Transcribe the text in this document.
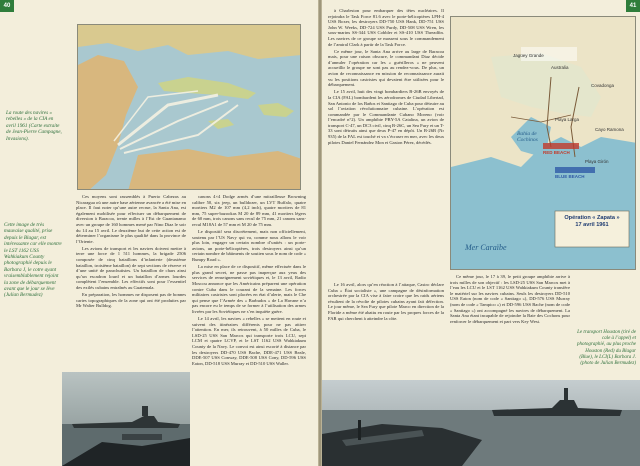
40
La route des navires « rebelles » de la CIA en avril 1961 (Carte extraite de Jean-Pierre Campagne, Invasions).
Cette image de très mauvaise qualité, prise depuis le Blagar, est intéressante car elle montre le LST 1162 USS Wahkiakum County photographié depuis le Barbara J, le cotre ayant vraisemblablement rejoint la zone de débarquement avant que le jour se lève (Julian Bermudez)

Ces moyens sont rassemblés à Puerto Cabezas au Nicaragua où une autre base aérienne avancée a été mise en place. Il faut noter qu’une autre recrue, la Santa Ana, est également mobilisée pour effectuer un débarquement de diversion à Baracoa, trente milles à l’Est de Guantanamo avec un groupe de 160 hommes mené par Nino Diaz le soir du 14 au 15 avril. Le deuxième but de cette action est de déterminer l’organisme le plus qualifié dans la province de l’Oriente.

Les avions de transport et les navires doivent mettre à terre une force de 1 511 hommes, la brigade 2506 composée de cinq bataillons d’infanterie (deuxième bataillon, troisième bataillon) de sept sections de réserve et d’une unité de parachutistes. Un bataillon de chars ainsi qu’un escadron lourd et un bataillon d’armes lourdes complètent l’ensemble. Les effectifs sont pour l’essentiel des exilés cubains entraînés au Guatemala.

En préparation, les hommes ne disposent pas de bonnes cartes topographiques de la zone qui ont été produites par Mr Walter Bulldog.

canons 4×4 Dodge armés d’une mitrailleuse Browning calibre 50, six jeep, un bulldozer, un LVT Buffalo, quatre mortiers M2 de 107 mm (4,2 inch), quatre mortiers de 81 mm, 75 super-bazookas M 20 de 89 mm, 41 mortiers légers de 60 mm, trois canons sans recul de 75 mm, 21 canons sans-recul M18A1 de 57 mm et M 20 de 75 mm.

Le dispositif sera discrètement, mais non officiellement, soutenu par l’US Navy qui va, comme nous allons le voir plus loin, engager un certain nombre d’unités : un porte-avions, un porte-hélicoptères, trois destroyers ainsi qu’un certain nombre de bâtiments de soutien sous le nom de code « Bumpy Road ».

La mise en place de ce dispositif, même effectuée dans le plus grand secret, ne passe pas inaperçue aux yeux des services de renseignement soviétiques et, le 13 avril, Radio Moscou annonce que les Américains préparent une opération contre Cuba dans le courant de la semaine. Les forces militaires castristes sont placées en état d’alerte, mais le Che qui pense que l’Armée des « Barbudos » de La Havane n’a pas encore eu le temps de se former à l’utilisation des armes livrées par les Soviétiques ne s’en inquiète guère.

Le 14 avril, les navires « rebelles » se mettent en route et suivent des itinéraires différents pour ne pas attirer l’attention. En mer, ils retrouvent, à 50 milles de Cuba, le LSD-25 USS San Marcos qui transporte trois LCU, sept LCM et quatre LCVP, et le LST 1162 USS Wahkiakum County de la Navy. Le convoi est ainsi escorté à distance par les destroyers DD-470 USS Bache, DDE-471 USS Beale, DDE-507 USS Conway, DDE-508 USS Cony, DD-596 USS Eaton, DD-518 USS Murray et DD-510 USS Waller.

41

à Charleston pour embarquer des têtes nucléaires. Il rejoindra le Task Force 81.6 avec le porte-hélicoptères LPH-4 USS Boxer, les destroyers DD-750 USS Hank, DD-751 USS John W. Weeks, DD-724 USS Purdy, DD-508 USS Wren, les sous-marins SS-344 USS Cobbler et SS-410 USS Threadfin. Les navires de ce groupe se massent sous le commandement de l’amiral Clark à partir de la Task Force.

Ce même jour, le Santa Ana arrive au large de Baracoa mais, pour une raison obscure, le commandant Diaz décide d’annuler l’opération car les « guérilleros » ne peuvent accueillir le groupe ne sont pas au rendez-vous. De plus, un avion de reconnaissance en mission de reconnaissance aurait vu les positions castristes qui devaient être utilisées pour le débarquement.

Le 15 avril, huit des vingt bombardiers B-26B envoyés de la CIA (FAL) bombardent les aérodromes de Ciudad Libertad, San Antonio de los Baños et Santiago de Cuba pour détruire au sol l’aviation révolutionnaire cubaine. L’opération est commandée par le Commandante Cubano Moreno (voir l’encadré n°2). Un amphibie PBY-5A Catalina, un avion de transport C-47, un DC3 civil, cinq B-26C, un Sea Fury et un T-33 sont détruits ainsi que deux P-47 en dépôt. Un B-26B (Nr 935) de la FAL est touché et va s’écraser en mer, avec les deux pilotes Daniel Fernández Mon et Gaston Pérez, décédés.

Opération « Zapata »
17 avril 1961
Mer Caraïbe
Bahia de Cochinos
RED BEACH
BLUE BEACH
Australia
Covadonga
Jagüey Grande
Playa Larga
Playa Girón
Cayo Ramona

Le 16 avril, alors qu’en réaction à l’attaque, Castro déclare Cuba « État socialiste », une campagne de désinformation orchestrée par la CIA vise à faire croire que les raids aériens résultent de la révolte de pilotes cubains ayant fait défection. Le jour même, le Sea Fury que pilote Marco en direction de la Floride a même été abattu en route par les propres forces de la FAR qui cherchent à atteindre la côte.

Ce même jour, le 17 à 39, le petit groupe amphibie arrive à trois milles de son objectif : les LSD-25 USS San Marcos met à l’eau les LCU et le LST 1162 USS Wahkiakum County transfère le matériel sur les navires cubains. Seuls les destroyers DD-510 USS Eaton (nom de code « Santiago »), DD-576 USS Murray (nom de code « Tampico ») et DD-596 USS Bache (nom de code « Santiago ») ont accompagné les navires de débarquement. La Santa Ana étant incapable de rejoindre la Baie des Cochons pour renforcer le débarquement et part vers Key West.

Le transport Houston (tiré de cale à l’appel) et photographié, au plus proche Houston (Red) du Blagar (Blue), le LCI(L) Barbara J. (photo de Julian Bermudez)
